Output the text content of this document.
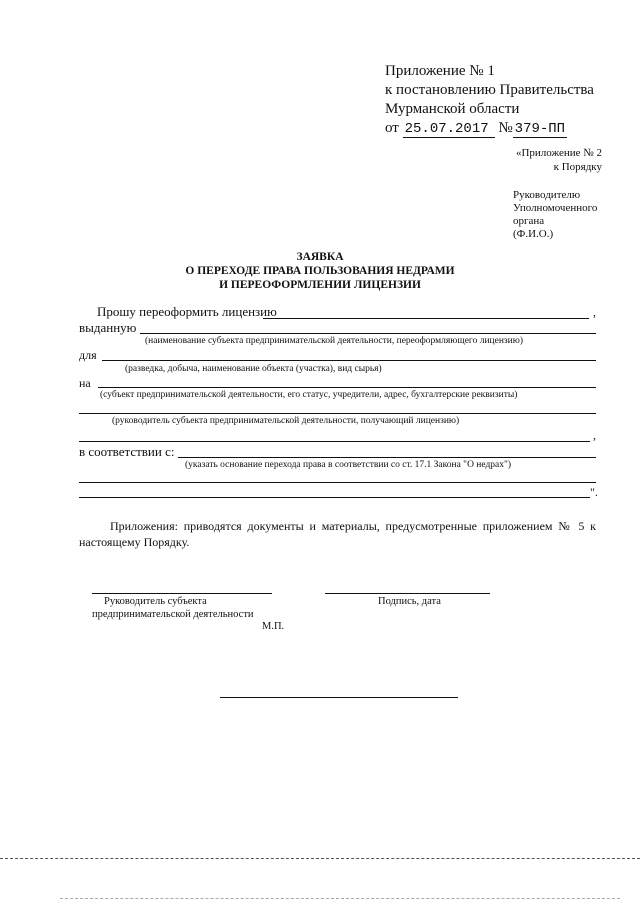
Приложение № 1
к постановлению Правительства
Мурманской области
от 25.07.2017 № 379-ПП
«Приложение № 2
к Порядку
Руководителю
Уполномоченного
органа
(Ф.И.О.)
ЗАЯВКА
О ПЕРЕХОДЕ ПРАВА ПОЛЬЗОВАНИЯ НЕДРАМИ
И ПЕРЕОФОРМЛЕНИИ ЛИЦЕНЗИИ
Прошу переоформить лицензию	,
выданную
(наименование субъекта предпринимательской деятельности, переоформляющего лицензию)
для
(разведка, добыча, наименование объекта (участка), вид сырья)
на
(субъект предпринимательской деятельности, его статус, учредители, адрес, бухгалтерские реквизиты)
(руководитель субъекта предпринимательской деятельности, получающий лицензию)
,
в соответствии с:
(указать основание перехода права в соответствии со ст. 17.1 Закона "О недрах")
".
Приложения: приводятся документы и материалы, предусмотренные приложением № 5 к настоящему Порядку.
Руководитель субъекта
предпринимательской деятельности
Подпись, дата
М.П.
